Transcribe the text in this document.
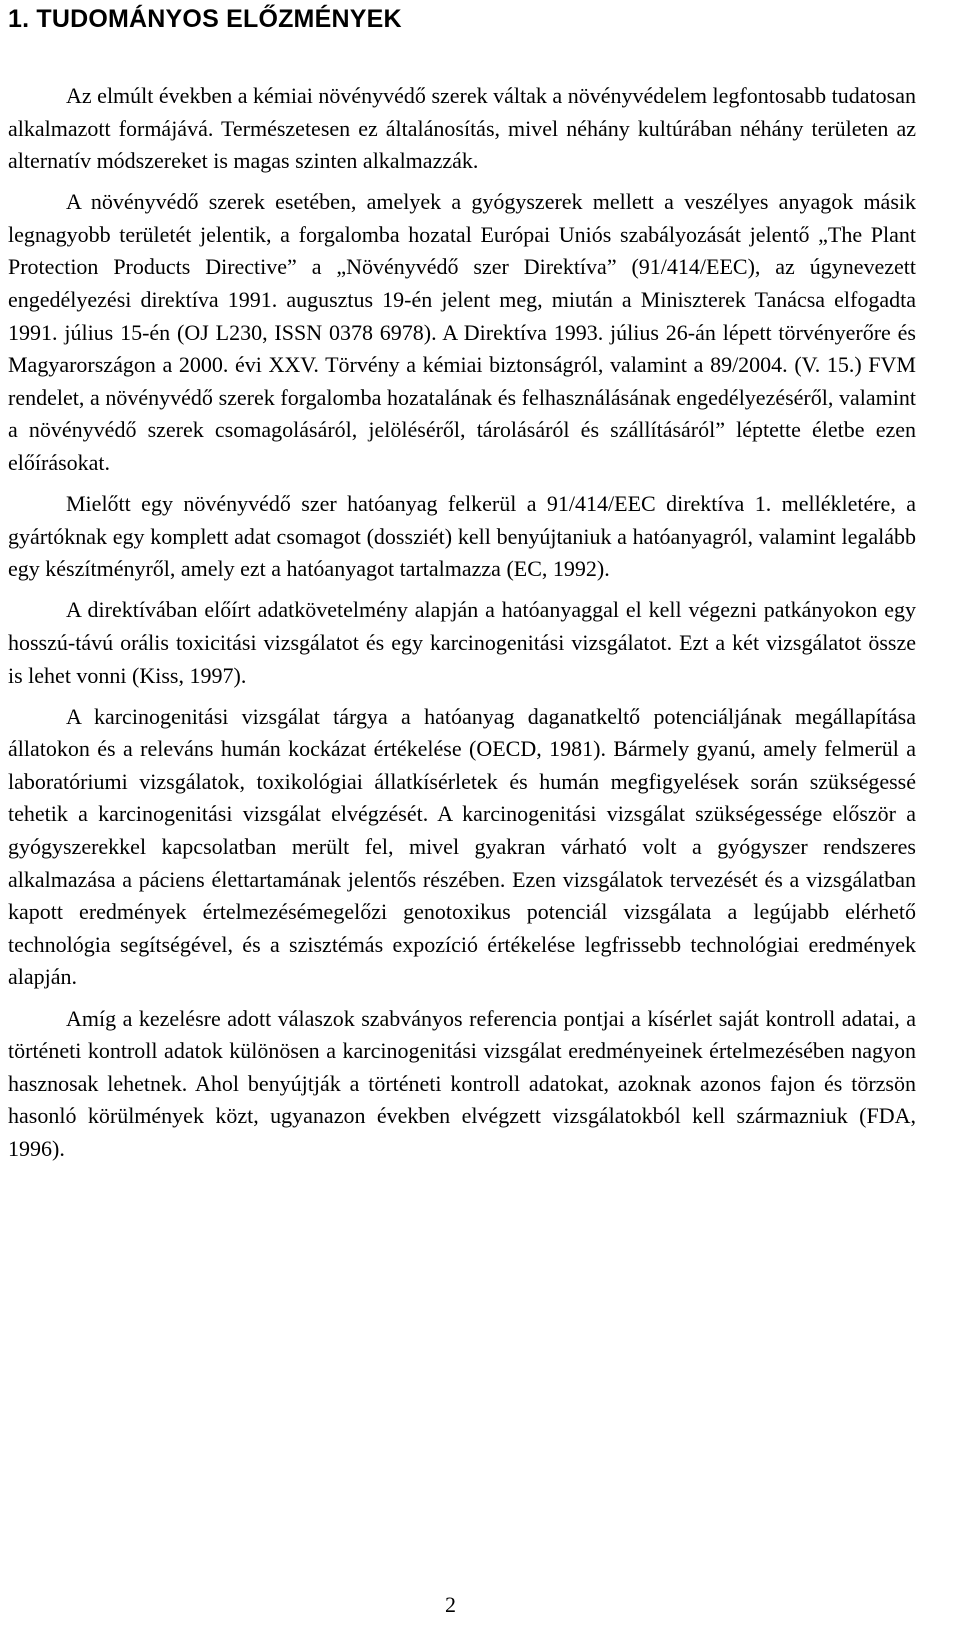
1. TUDOMÁNYOS ELŐZMÉNYEK

Az elmúlt években a kémiai növényvédő szerek váltak a növényvédelem legfontosabb tudatosan alkalmazott formájává. Természetesen ez általánosítás, mivel néhány kultúrában néhány területen az alternatív módszereket is magas szinten alkalmazzák.

A növényvédő szerek esetében, amelyek a gyógyszerek mellett a veszélyes anyagok másik legnagyobb területét jelentik, a forgalomba hozatal Európai Uniós szabályozását jelentő „The Plant Protection Products Directive” a „Növényvédő szer Direktíva” (91/414/EEC), az úgynevezett engedélyezési direktíva 1991. augusztus 19-én jelent meg, miután a Miniszterek Tanácsa elfogadta 1991. július 15-én (OJ L230, ISSN 0378 6978). A Direktíva 1993. július 26-án lépett törvényerőre és Magyarországon a 2000. évi XXV. Törvény a kémiai biztonságról, valamint a 89/2004. (V. 15.) FVM rendelet, a növényvédő szerek forgalomba hozatalának és felhasználásának engedélyezéséről, valamint a növényvédő szerek csomagolásáról, jelöléséről, tárolásáról és szállításáról” léptette életbe ezen előírásokat.

Mielőtt egy növényvédő szer hatóanyag felkerül a 91/414/EEC direktíva 1. mellékletére, a gyártóknak egy komplett adat csomagot (dossziét) kell benyújtaniuk a hatóanyagról, valamint legalább egy készítményről, amely ezt a hatóanyagot tartalmazza (EC, 1992).

A direktívában előírt adatkövetelmény alapján a hatóanyaggal el kell végezni patkányokon egy hosszú-távú orális toxicitási vizsgálatot és egy karcinogenitási vizsgálatot. Ezt a két vizsgálatot össze is lehet vonni (Kiss, 1997).

A karcinogenitási vizsgálat tárgya a hatóanyag daganatkeltő potenciáljának megállapítása állatokon és a releváns humán kockázat értékelése (OECD, 1981). Bármely gyanú, amely felmerül a laboratóriumi vizsgálatok, toxikológiai állatkísérletek és humán megfigyelések során szükségessé tehetik a karcinogenitási vizsgálat elvégzését. A karcinogenitási vizsgálat szükségessége először a gyógyszerekkel kapcsolatban merült fel, mivel gyakran várható volt a gyógyszer rendszeres alkalmazása a páciens élettartamának jelentős részében. Ezen vizsgálatok tervezését és a vizsgálatban kapott eredmények értelmezésémegelőzi genotoxikus potenciál vizsgálata a legújabb elérhető technológia segítségével, és a szisztémás expozíció értékelése legfrissebb technológiai eredmények alapján.

Amíg a kezelésre adott válaszok szabványos referencia pontjai a kísérlet saját kontroll adatai, a történeti kontroll adatok különösen a karcinogenitási vizsgálat eredményeinek értelmezésében nagyon hasznosak lehetnek. Ahol benyújtják a történeti kontroll adatokat, azoknak azonos fajon és törzsön hasonló körülmények közt, ugyanazon években elvégzett vizsgálatokból kell származniuk (FDA, 1996).

2
